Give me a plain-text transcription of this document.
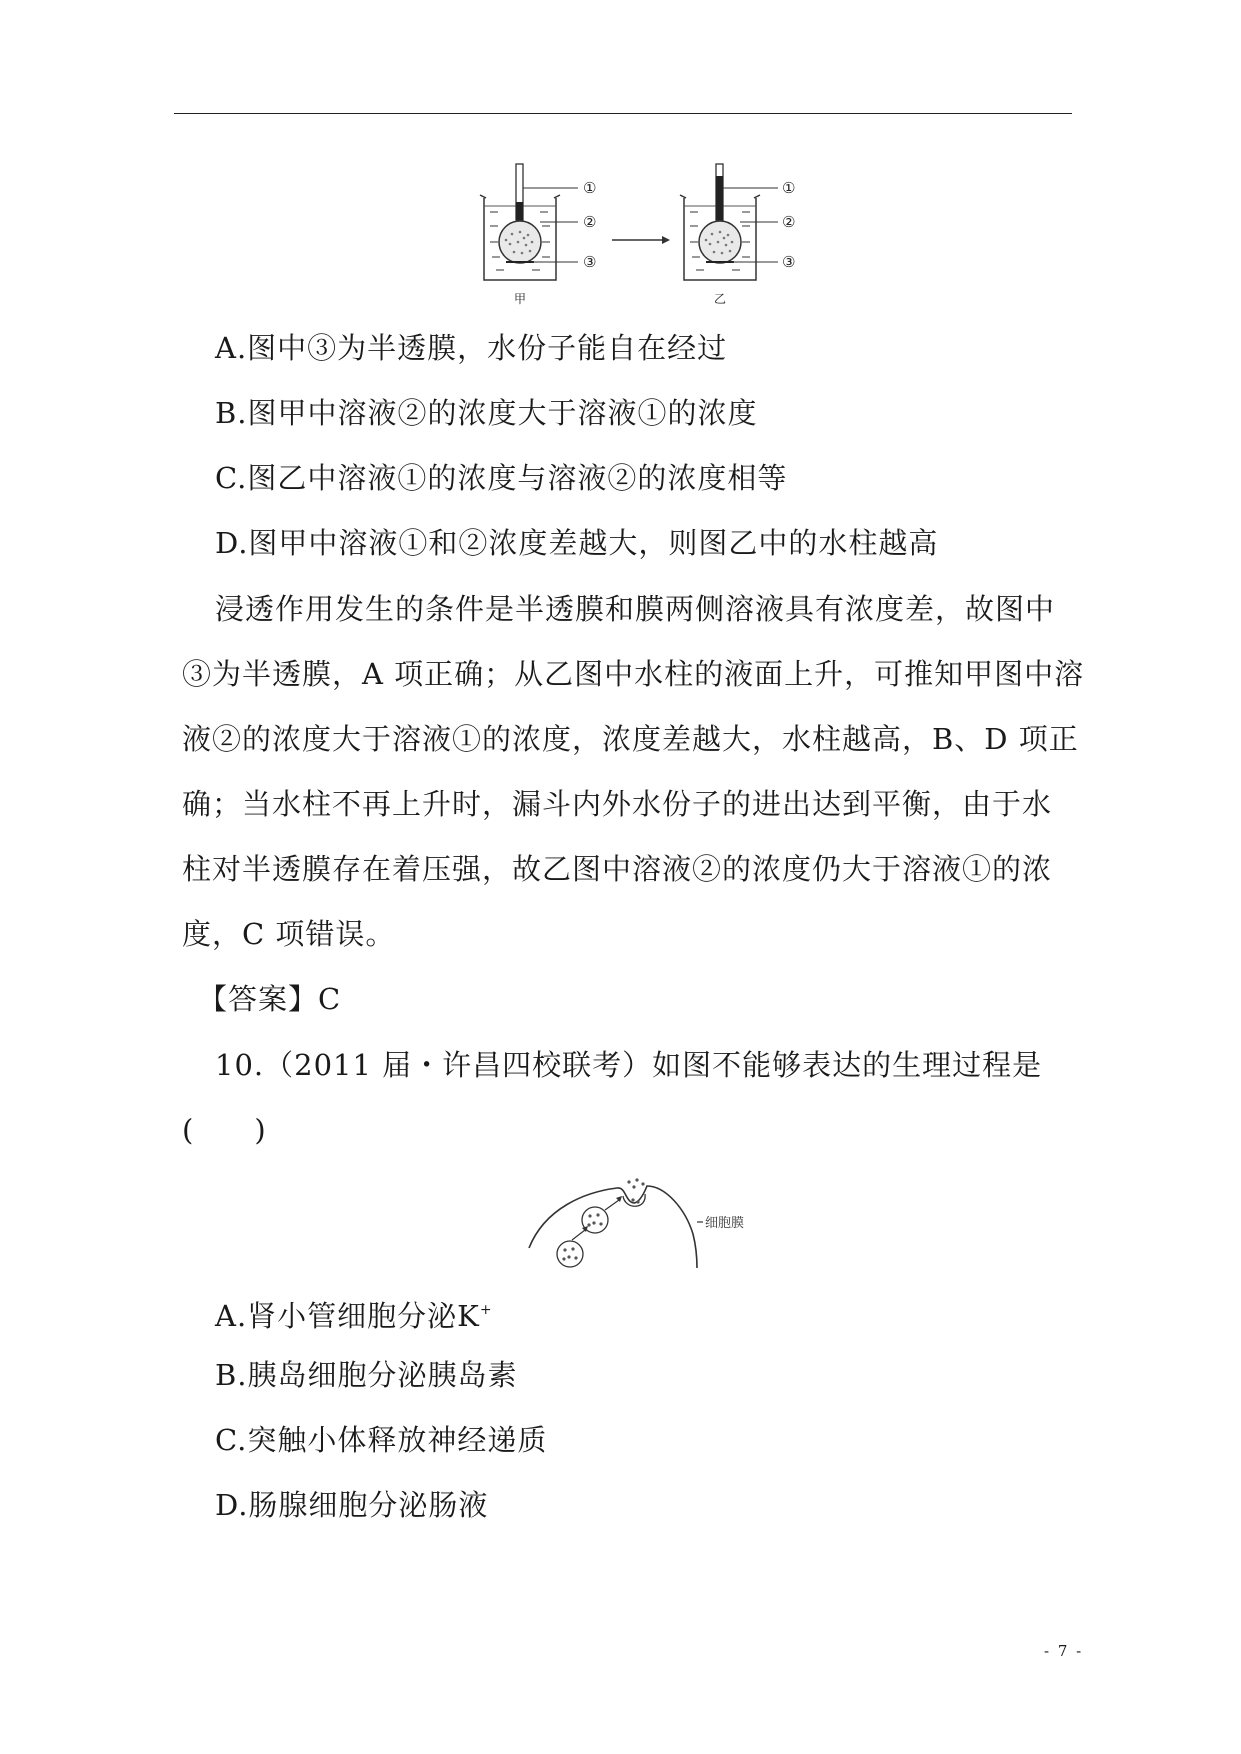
①
②
③
甲
①
②
③
乙
A.图中③为半透膜，水份子能自在经过
B.图甲中溶液②的浓度大于溶液①的浓度
C.图乙中溶液①的浓度与溶液②的浓度相等
D.图甲中溶液①和②浓度差越大，则图乙中的水柱越高
浸透作用发生的条件是半透膜和膜两侧溶液具有浓度差，故图中
③为半透膜，A 项正确；从乙图中水柱的液面上升，可推知甲图中溶
液②的浓度大于溶液①的浓度，浓度差越大，水柱越高，B、D 项正
确；当水柱不再上升时，漏斗内外水份子的进出达到平衡，由于水
柱对半透膜存在着压强，故乙图中溶液②的浓度仍大于溶液①的浓
度，C 项错误。
【答案】C
10.（2011 届・许昌四校联考）如图不能够表达的生理过程是
(　　)
细胞膜
A.肾小管细胞分泌K+
B.胰岛细胞分泌胰岛素
C.突触小体释放神经递质
D.肠腺细胞分泌肠液
- 7 -
